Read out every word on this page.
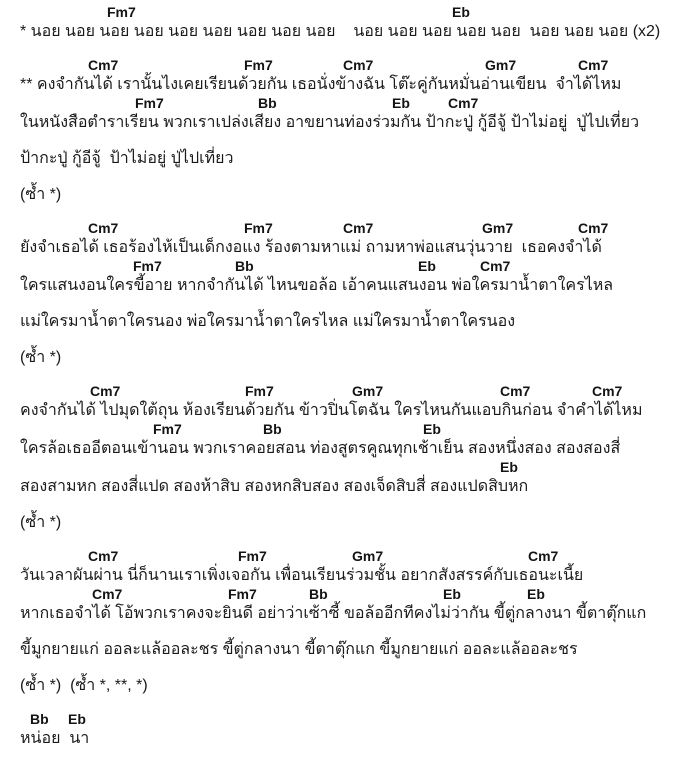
Fm7	Eb
* นอย นอย นอย นอย นอย นอย นอย นอย นอย    นอย นอย นอย นอย นอย  นอย นอย นอย (x2)
Cm7	Fm7	Cm7	Gm7	Cm7
** คงจำกันได้ เรานั้นไงเคยเรียนด้วยกัน เธอนั่งข้างฉัน โต๊ะคู่กันหมั่นอ่านเขียน  จำได้ไหม
Fm7	Bb	Eb	Cm7
ในหนังสือตำราเรียน พวกเราเปล่งเสียง อาขยานท่องร่วมกัน ป้ากะปู่ กู้อีจู้ ป้าไม่อยู่  ปู่ไปเที่ยว
ป้ากะปู่ กู้อีจู้  ป้าไม่อยู่ ปู่ไปเที่ยว
(ซ้ำ *)
Cm7	Fm7	Cm7	Gm7	Cm7
ยังจำเธอได้ เธอร้องไห้เป็นเด็กงอแง ร้องตามหาแม่ ถามหาพ่อแสนวุ่นวาย  เธอคงจำได้
Fm7	Bb	Eb	Cm7
ใครแสนงอนใครขี้อาย หากจำกันได้ ไหนขอล้อ เอ้าคนแสนงอน พ่อใครมาน้ำตาใครไหล
แม่ใครมาน้ำตาใครนอง พ่อใครมาน้ำตาใครไหล แม่ใครมาน้ำตาใครนอง
(ซ้ำ *)
Cm7	Fm7	Gm7	Cm7	Cm7
คงจำกันได้ ไปมุดใต้ถุน ห้องเรียนด้วยกัน ข้าวปิ่นโตฉัน ใครไหนกันแอบกินก่อน จำคำได้ไหม
Fm7	Bb	Eb
ใครล้อเธออีตอนเข้านอน พวกเราคอยสอน ท่องสูตรคูณทุกเช้าเย็น สองหนึ่งสอง สองสองสี่
Eb
สองสามหก สองสี่แปด สองห้าสิบ สองหกสิบสอง สองเจ็ดสิบสี่ สองแปดสิบหก
(ซ้ำ *)
Cm7	Fm7	Gm7	Cm7
วันเวลาผันผ่าน นี่ก็นานเราเพิ่งเจอกัน เพื่อนเรียนร่วมชั้น อยากสังสรรค์กับเธอนะเนี้ย
Cm7	Fm7	Bb	Eb	Eb
หากเธอจำได้ โอ้พวกเราคงจะยินดี อย่าว่าเซ้าซี้ ขอล้ออีกทีคงไม่ว่ากัน ขี้ตู่กลางนา ขี้ตาตุ๊กแก
ขี้มูกยายแก่ ออละแล้ออละชร ขี้ตู่กลางนา ขี้ตาตุ๊กแก ขี้มูกยายแก่ ออละแล้ออละชร
(ซ้ำ *)  (ซ้ำ *, **, *)
Bb Eb
หน่อย  นา
